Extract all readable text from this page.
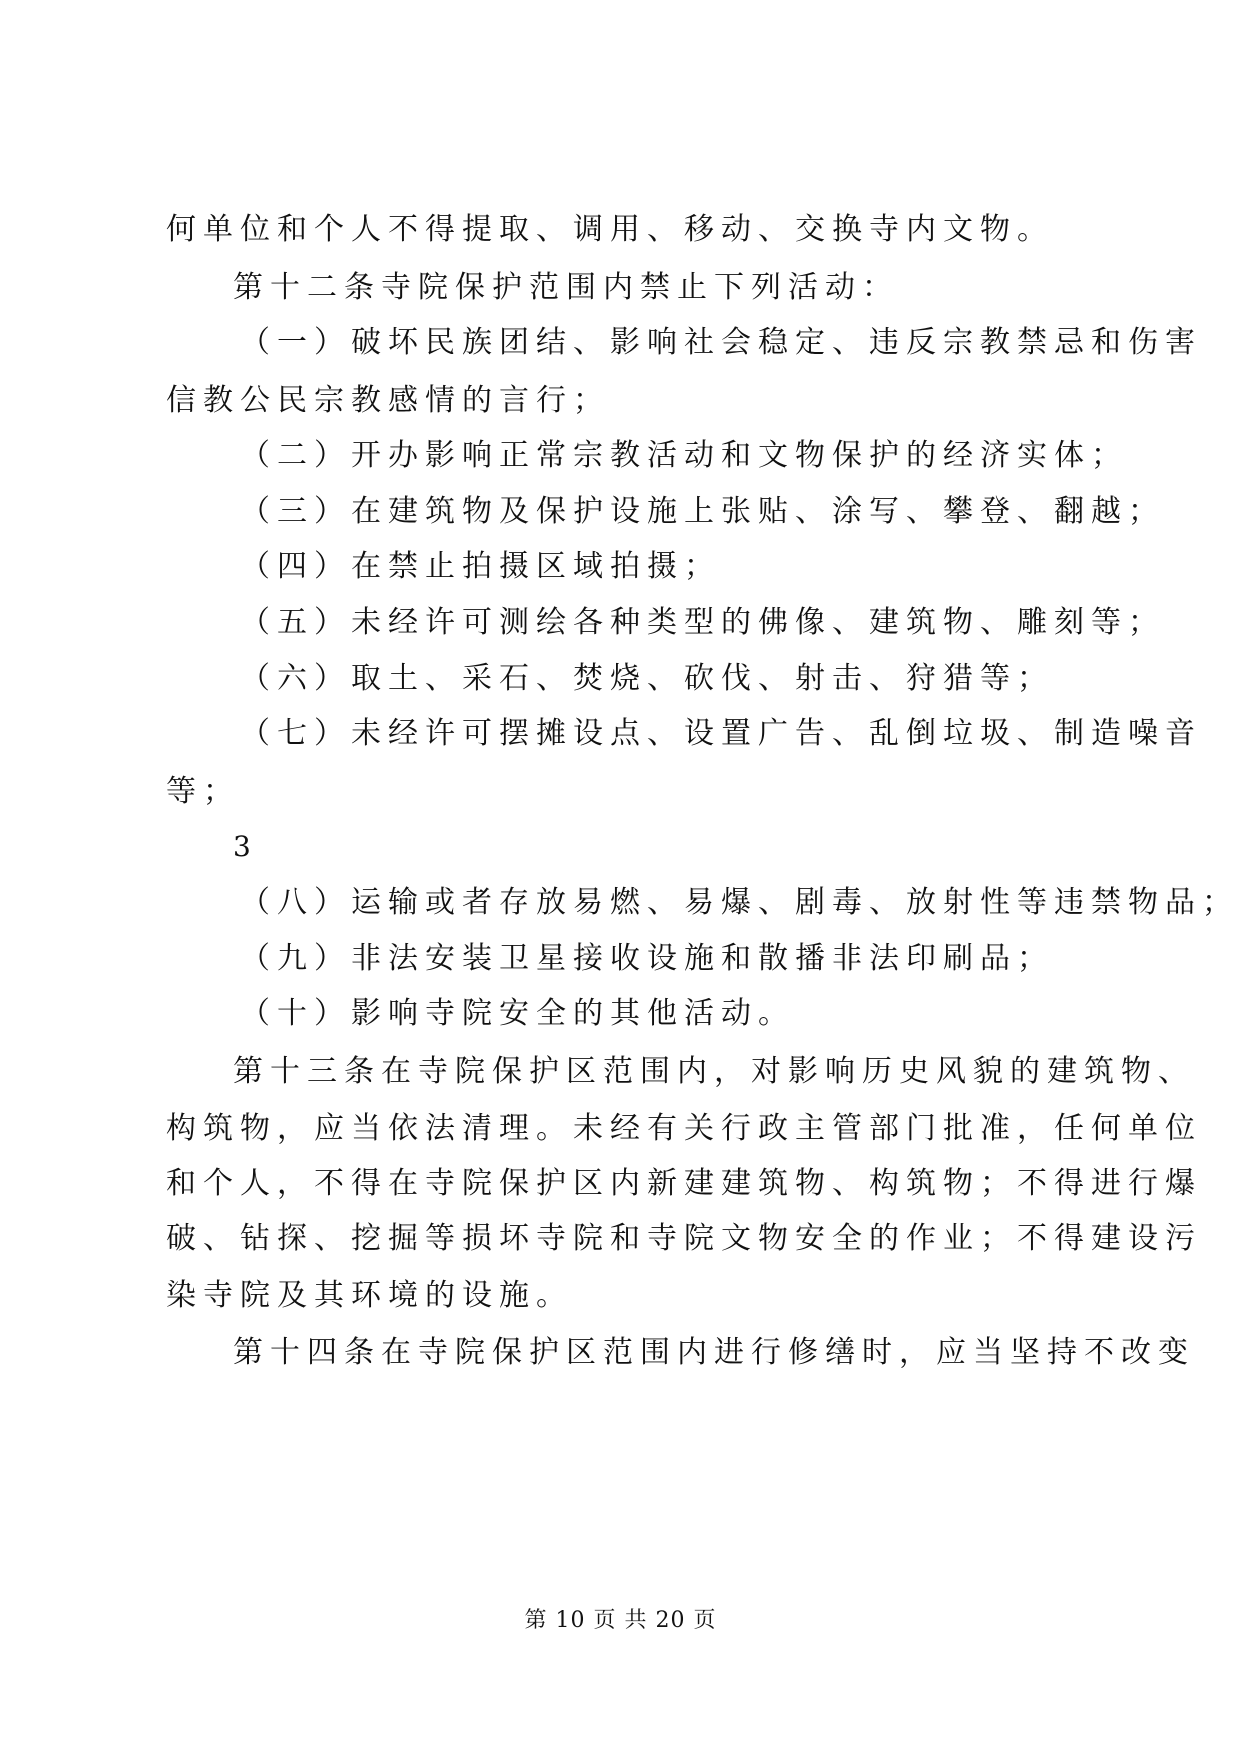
何单位和个人不得提取、调用、移动、交换寺内文物。
第十二条寺院保护范围内禁止下列活动：
（一）破坏民族团结、影响社会稳定、违反宗教禁忌和伤害
信教公民宗教感情的言行；
（二）开办影响正常宗教活动和文物保护的经济实体；
（三）在建筑物及保护设施上张贴、涂写、攀登、翻越；
（四）在禁止拍摄区域拍摄；
（五）未经许可测绘各种类型的佛像、建筑物、雕刻等；
（六）取土、采石、焚烧、砍伐、射击、狩猎等；
（七）未经许可摆摊设点、设置广告、乱倒垃圾、制造噪音
等；
3
（八）运输或者存放易燃、易爆、剧毒、放射性等违禁物品；
（九）非法安装卫星接收设施和散播非法印刷品；
（十）影响寺院安全的其他活动。
第十三条在寺院保护区范围内，对影响历史风貌的建筑物、
构筑物，应当依法清理。未经有关行政主管部门批准，任何单位
和个人，不得在寺院保护区内新建建筑物、构筑物；不得进行爆
破、钻探、挖掘等损坏寺院和寺院文物安全的作业；不得建设污
染寺院及其环境的设施。
第十四条在寺院保护区范围内进行修缮时，应当坚持不改变
第 10 页 共 20 页
